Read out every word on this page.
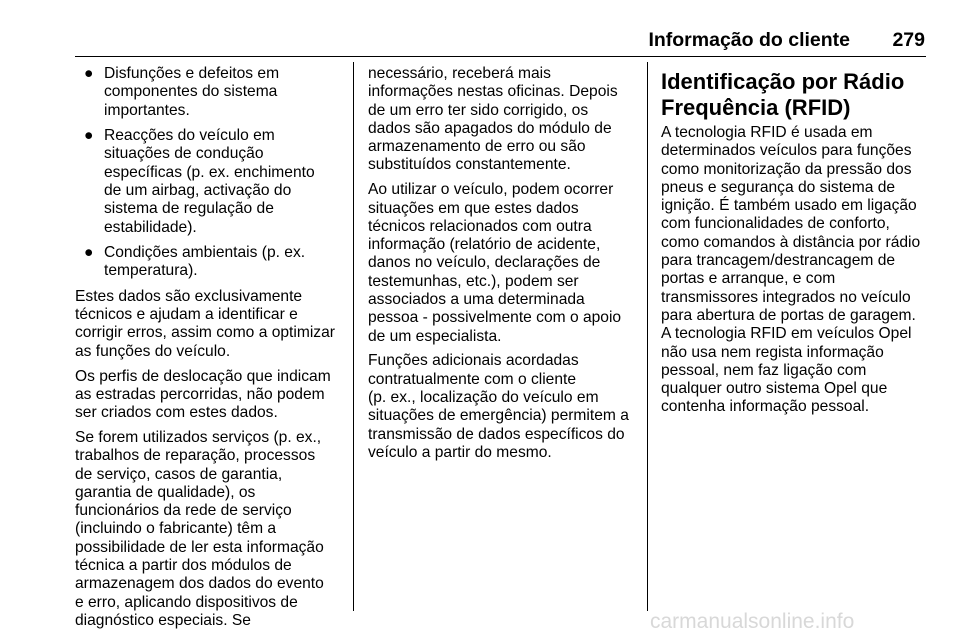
Informação do cliente	279
● Disfunções e defeitos em
componentes do sistema
importantes.
● Reacções do veículo em
situações de condução
específicas (p. ex. enchimento
de um airbag, activação do
sistema de regulação de
estabilidade).
● Condições ambientais (p. ex.
temperatura).

Estes dados são exclusivamente
técnicos e ajudam a identificar e
corrigir erros, assim como a optimizar
as funções do veículo.

Os perfis de deslocação que indicam
as estradas percorridas, não podem
ser criados com estes dados.

Se forem utilizados serviços (p. ex.,
trabalhos de reparação, processos
de serviço, casos de garantia,
garantia de qualidade), os
funcionários da rede de serviço
(incluindo o fabricante) têm a
possibilidade de ler esta informação
técnica a partir dos módulos de
armazenagem dos dados do evento
e erro, aplicando dispositivos de
diagnóstico especiais. Se

necessário, receberá mais
informações nestas oficinas. Depois
de um erro ter sido corrigido, os
dados são apagados do módulo de
armazenamento de erro ou são
substituídos constantemente.

Ao utilizar o veículo, podem ocorrer
situações em que estes dados
técnicos relacionados com outra
informação (relatório de acidente,
danos no veículo, declarações de
testemunhas, etc.), podem ser
associados a uma determinada
pessoa - possivelmente com o apoio
de um especialista.

Funções adicionais acordadas
contratualmente com o cliente
(p. ex., localização do veículo em
situações de emergência) permitem a
transmissão de dados específicos do
veículo a partir do mesmo.

Identificação por Rádio
Frequência (RFID)

A tecnologia RFID é usada em
determinados veículos para funções
como monitorização da pressão dos
pneus e segurança do sistema de
ignição. É também usado em ligação
com funcionalidades de conforto,
como comandos à distância por rádio
para trancagem/destrancagem de
portas e arranque, e com
transmissores integrados no veículo
para abertura de portas de garagem.
A tecnologia RFID em veículos Opel
não usa nem regista informação
pessoal, nem faz ligação com
qualquer outro sistema Opel que
contenha informação pessoal.

carmanualsonline.info
